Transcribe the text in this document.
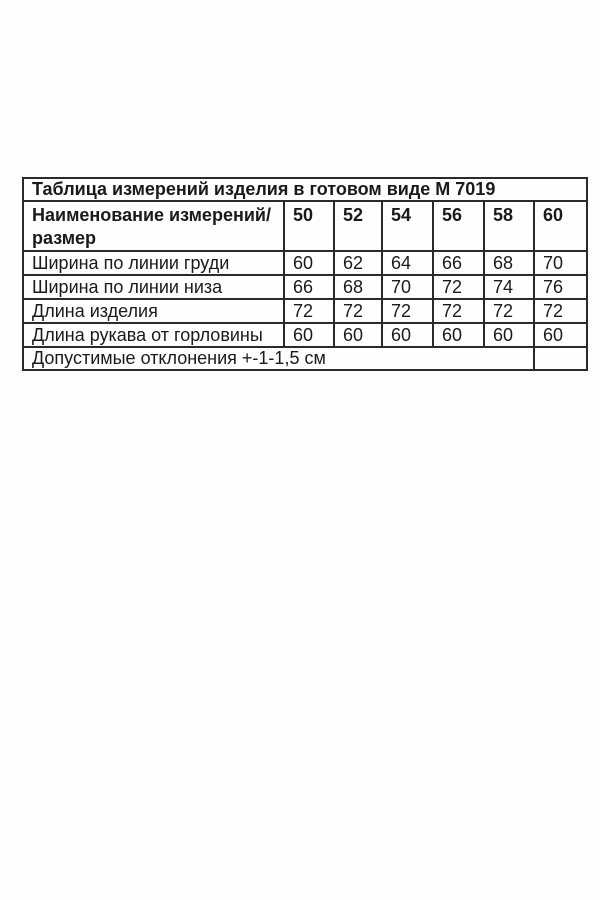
Таблица измерений изделия в готовом виде М 7019						
Наименование измерений/размер	50	52	54	56	58	60
Ширина по линии груди	60	62	64	66	68	70
Ширина по линии низа	66	68	70	72	74	76
Длина изделия	72	72	72	72	72	72
Длина рукава от горловины	60	60	60	60	60	60
Допустимые отклонения +-1-1,5 см						
